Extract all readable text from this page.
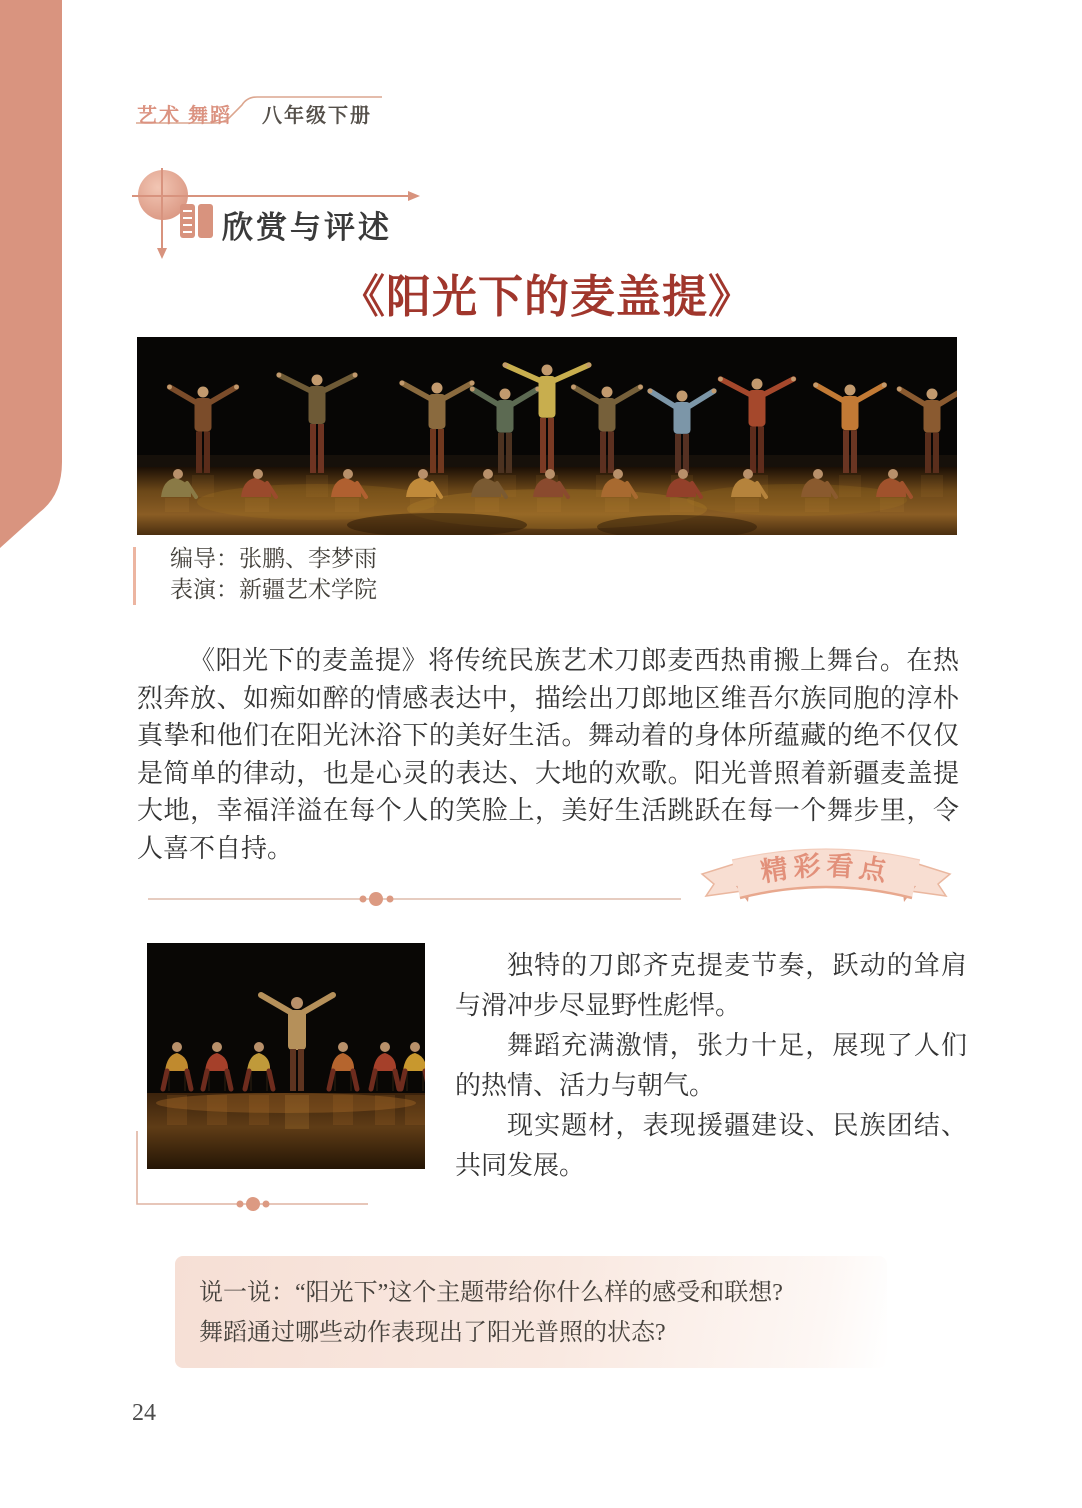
艺术 舞蹈 八年级下册
欣赏与评述
《阳光下的麦盖提》

编导：张鹏、李梦雨

表演：新疆艺术学院

《阳光下的麦盖提》将传统民族艺术刀郎麦西热甫搬上舞台。在热烈奔放、如痴如醉的情感表达中，描绘出刀郎地区维吾尔族同胞的淳朴真挚和他们在阳光沐浴下的美好生活。舞动着的身体所蕴藏的绝不仅仅是简单的律动，也是心灵的表达、大地的欢歌。阳光普照着新疆麦盖提大地，幸福洋溢在每个人的笑脸上，美好生活跳跃在每一个舞步里，令人喜不自持。

精彩看点

独特的刀郎齐克提麦节奏，跃动的耸肩与滑冲步尽显野性彪悍。

舞蹈充满激情，张力十足，展现了人们的热情、活力与朝气。

现实题材，表现援疆建设、民族团结、共同发展。

说一说：“阳光下”这个主题带给你什么样的感受和联想?

舞蹈通过哪些动作表现出了阳光普照的状态?

24
